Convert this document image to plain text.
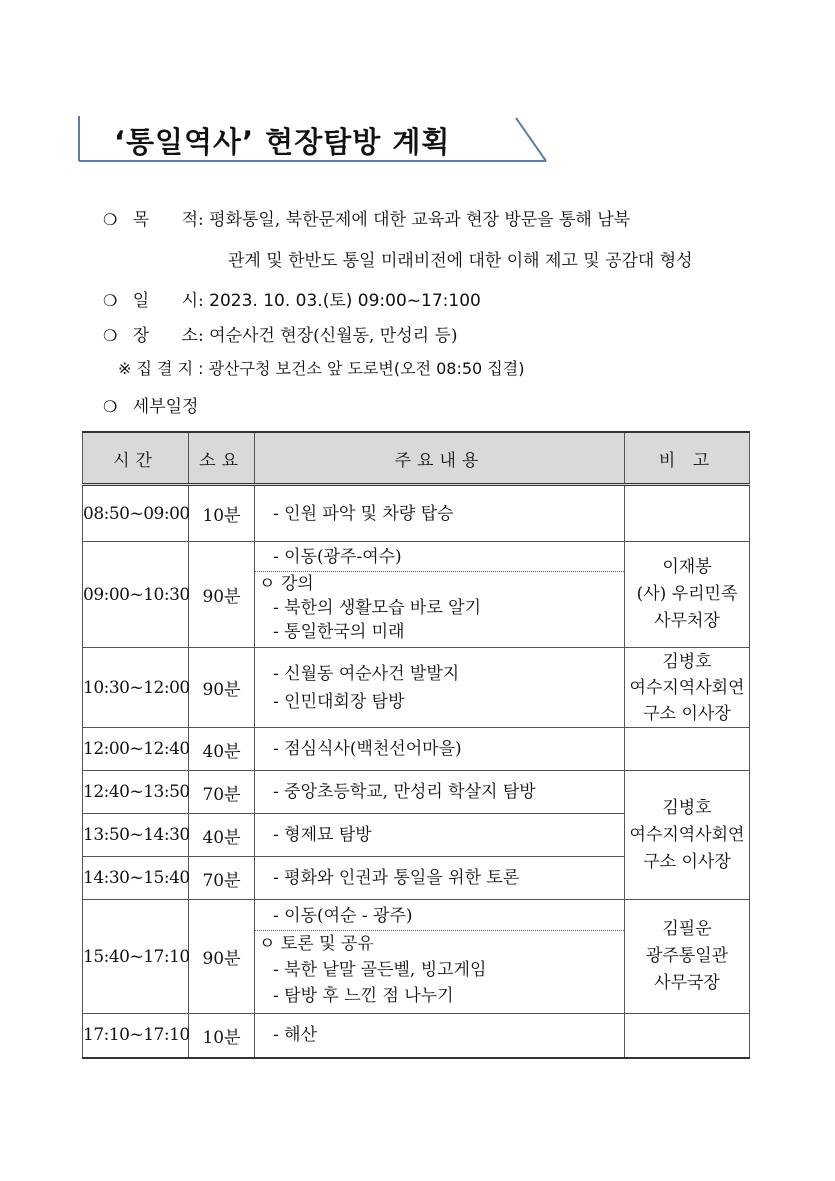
‘통일역사’ 현장탐방 계획
❍ 목      적: 평화통일, 북한문제에 대한 교육과 현장 방문을 통해 남북
관계 및 한반도 통일 미래비전에 대한 이해 제고 및 공감대 형성
❍ 일      시: 2023. 10. 03.(토) 09:00~17:100
❍ 장      소: 여순사건 현장(신월동, 만성리 등)
※ 집 결 지 : 광산구청 보건소 앞 도로변(오전 08:50 집결)
❍ 세부일정
시간	소요	주요내용	비 고
08:50~09:00	10분	- 인원 파악 및 차량 탑승	

09:00~10:30	90분	- 이동(광주-여수)
ㅇ 강의
- 북한의 생활모습 바로 알기
- 통일한국의 미래	이재봉
(사) 우리민족
사무처장

10:30~12:00	90분	- 신월동 여순사건 발발지
- 인민대회장 탐방	김병호
여수지역사회연
구소 이사장

12:00~12:40	40분	- 점심식사(백천선어마을)	

12:40~13:50	70분	- 중앙초등학교, 만성리 학살지 탐방	김병호
여수지역사회연
구소 이사장

13:50~14:30	40분	- 형제묘 탐방	

14:30~15:40	70분	- 평화와 인권과 통일을 위한 토론	

15:40~17:10	90분	- 이동(여순 - 광주)
ㅇ 토론 및 공유
- 북한 낱말 골든벨, 빙고게임
- 탐방 후 느낀 점 나누기	김필운
광주통일관
사무국장

17:10~17:10	10분	- 해산	
